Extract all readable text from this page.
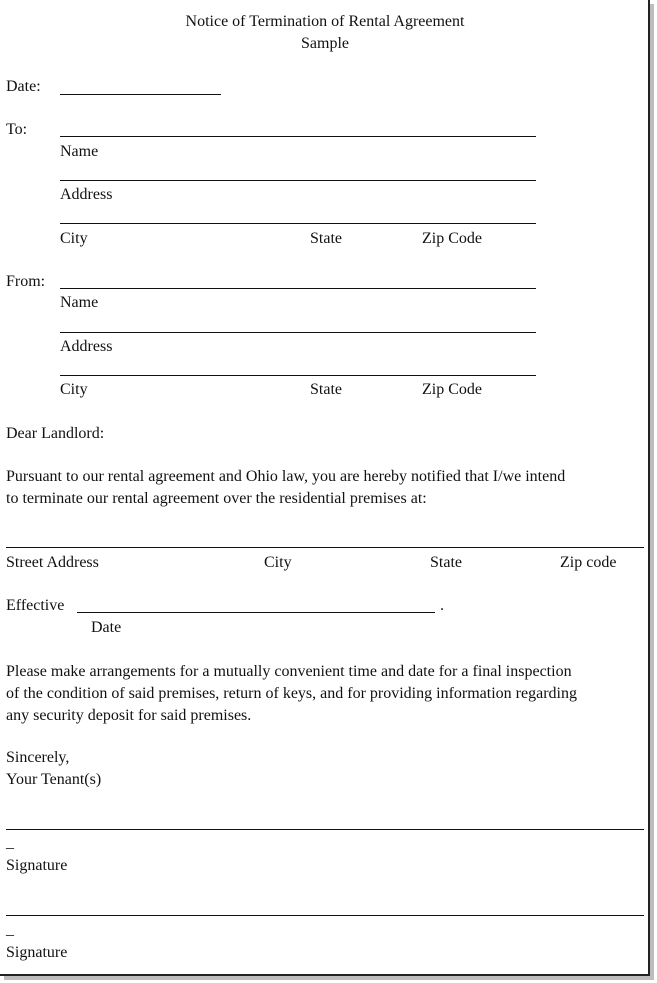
Notice of Termination of Rental Agreement
Sample
Date:
To:
Name
Address
City	State	Zip Code
From:
Name
Address
City	State	Zip Code
Dear Landlord:
Pursuant to our rental agreement and Ohio law, you are hereby notified that I/we intend
to terminate our rental agreement over the residential premises at:
Street Address	City	State	Zip code
Effective	.
Date
Please make arrangements for a mutually convenient time and date for a final inspection
of the condition of said premises, return of keys, and for providing information regarding
any security deposit for said premises.
Sincerely,
Your Tenant(s)
_
Signature
_
Signature
